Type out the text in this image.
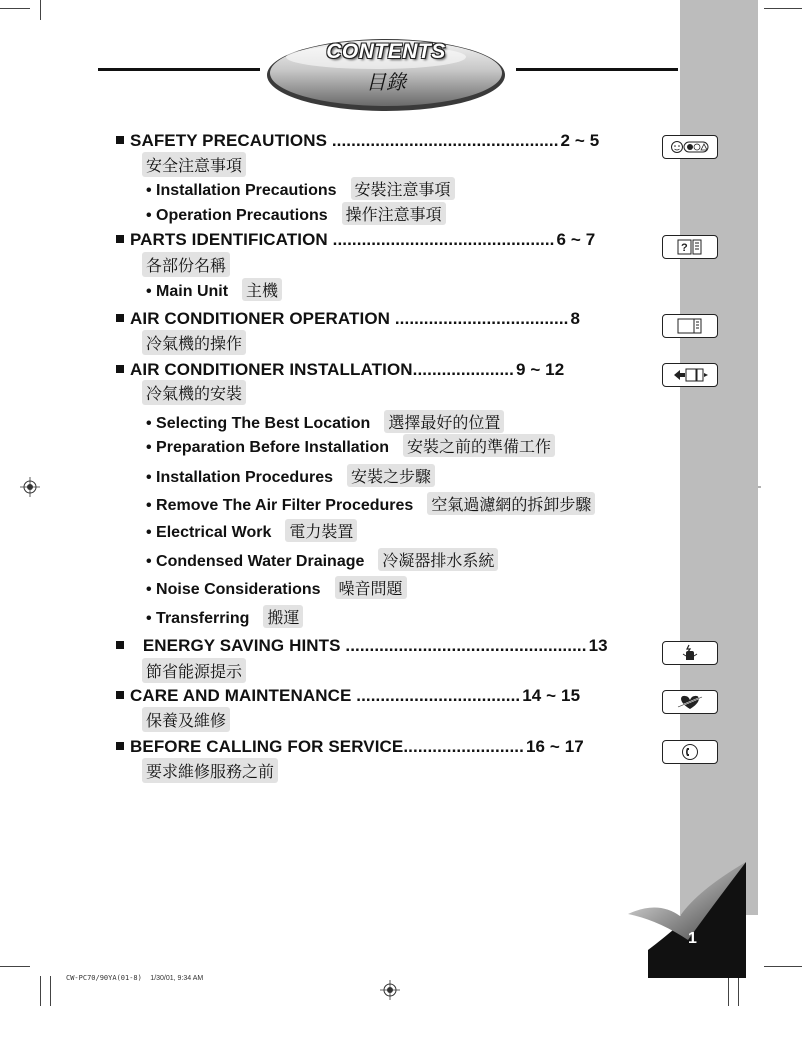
CONTENTS
目錄
SAFETY PRECAUTIONS ............................................... 2 ~ 5
安全注意事項
• Installation Precautions 安裝注意事項
• Operation Precautions 操作注意事項
PARTS IDENTIFICATION .............................................. 6 ~ 7
各部份名稱
• Main Unit 主機
AIR CONDITIONER OPERATION .................................... 8
冷氣機的操作
AIR CONDITIONER INSTALLATION..................... 9 ~ 12
冷氣機的安裝
• Selecting The Best Location 選擇最好的位置
• Preparation Before Installation 安裝之前的準備工作
• Installation Procedures 安裝之步驟
• Remove The Air Filter Procedures 空氣過濾網的拆卸步驟
• Electrical Work 電力裝置
• Condensed Water Drainage 冷凝器排水系統
• Noise Considerations 噪音問題
• Transferring 搬運
ENERGY SAVING HINTS .................................................. 13
節省能源提示
CARE AND MAINTENANCE .................................. 14 ~ 15
保養及維修
BEFORE CALLING FOR SERVICE......................... 16 ~ 17
要求維修服務之前
?
1
CW-PC70/90YA(01-8) 1/30/01, 9:34 AM
